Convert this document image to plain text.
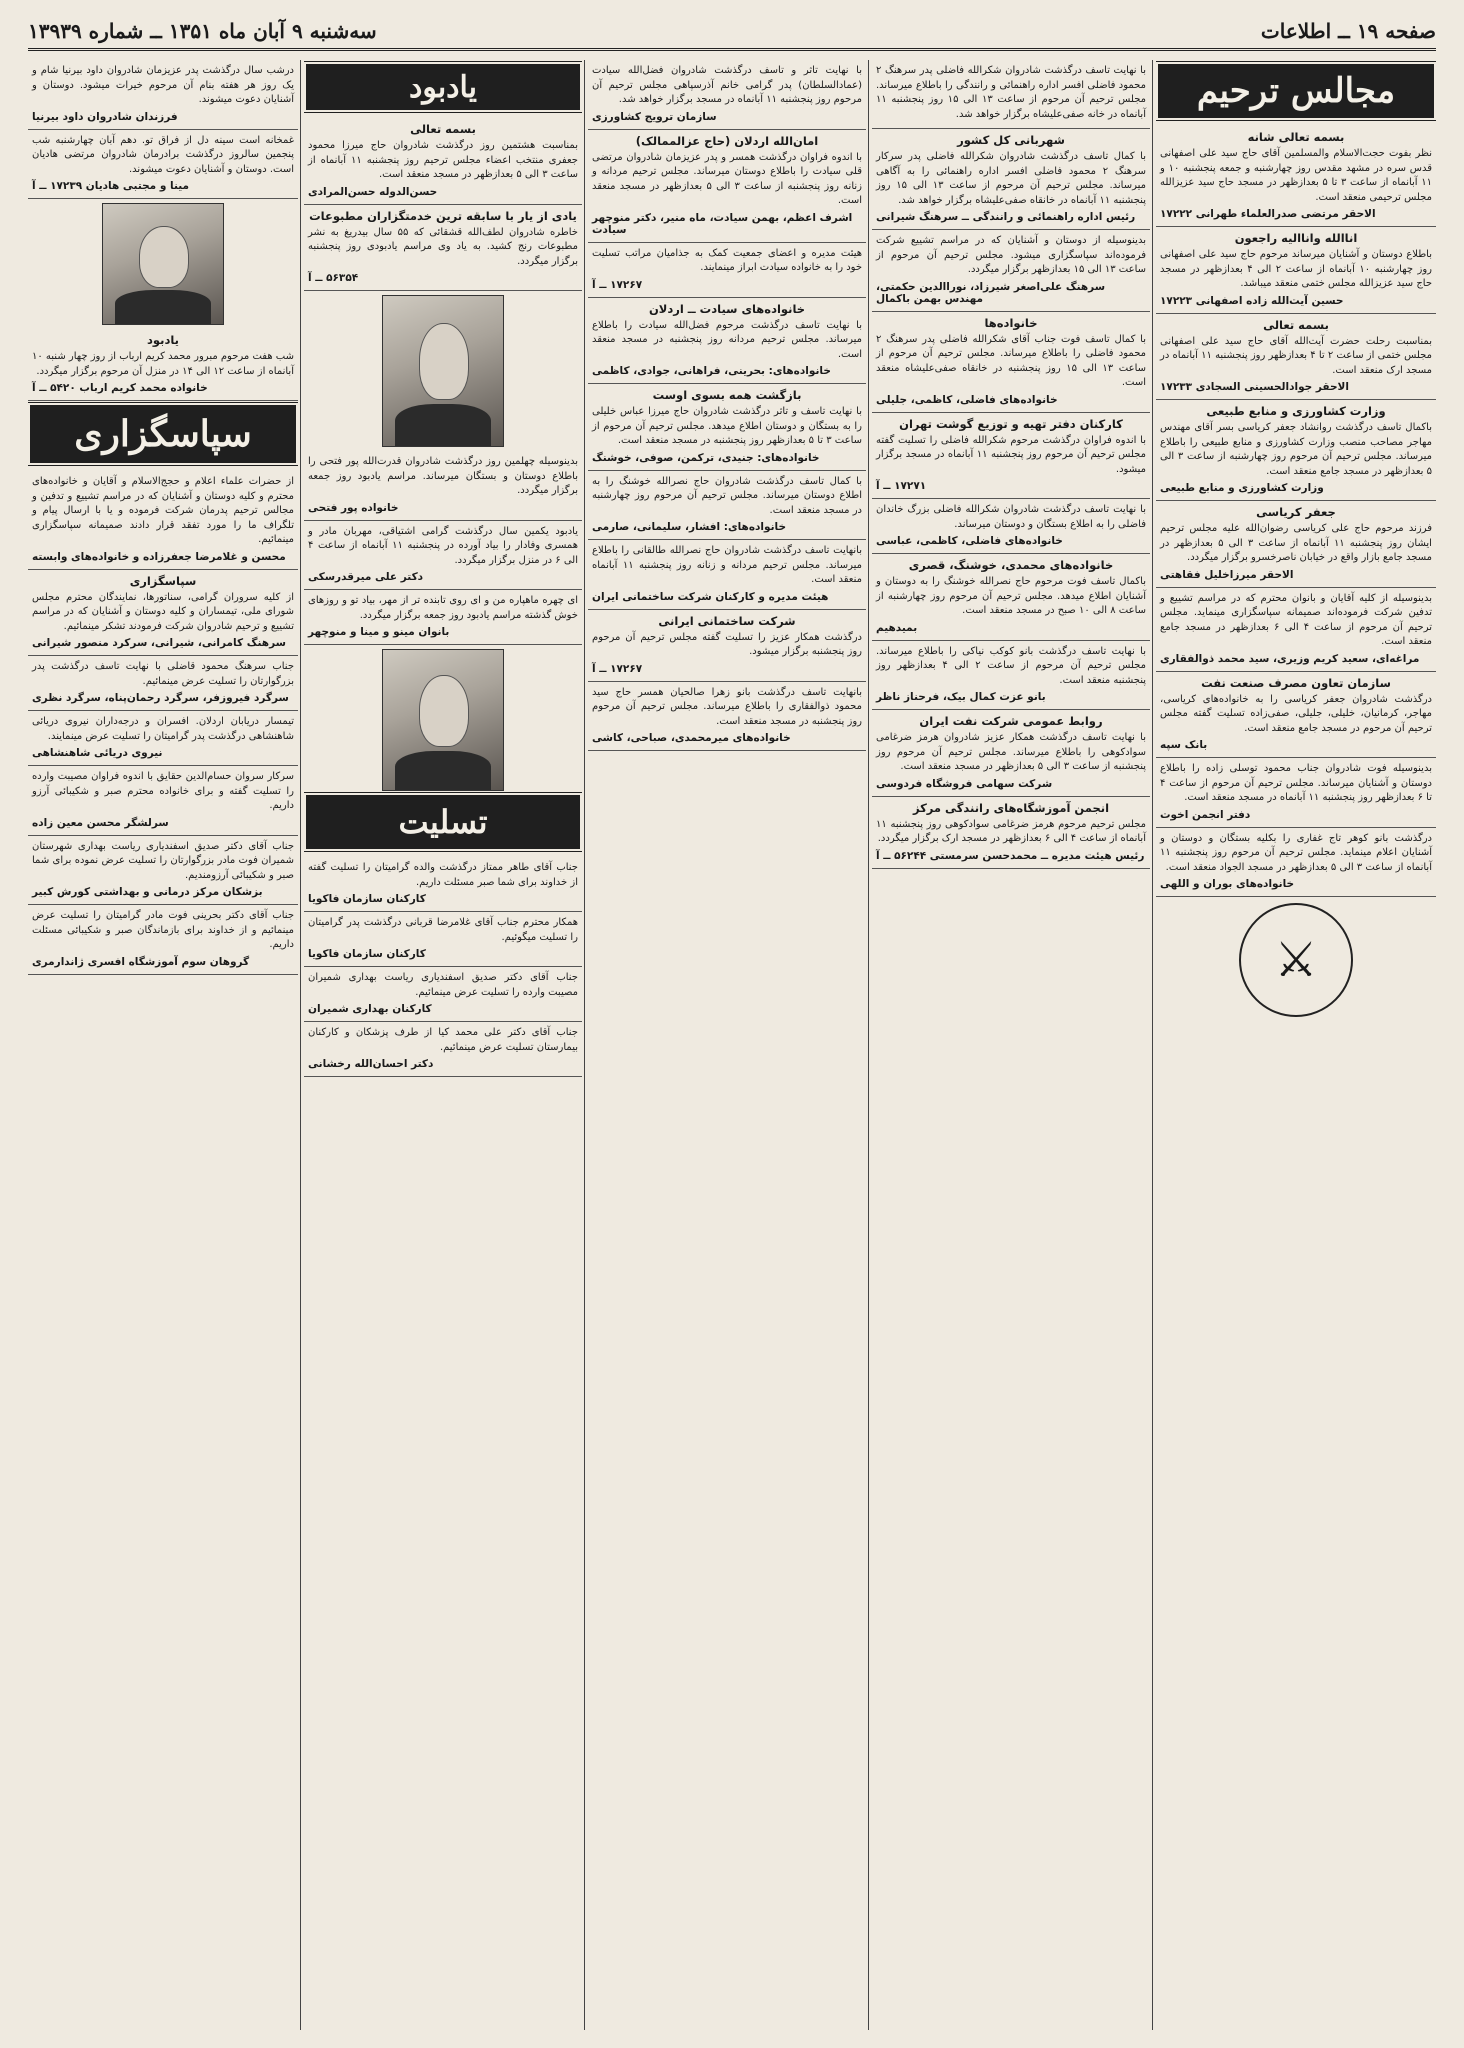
صفحه ۱۹ ــ اطلاعات
سه‌شنبه ۹ آبان ماه ۱۳۵۱ ــ شماره ۱۳۹۳۹
مجالس ترحیم
بسمه تعالی شانه

نظر بفوت حجت‌الاسلام والمسلمین آقای حاج سید علی اصفهانی قدس سره در مشهد مقدس روز چهارشنبه و جمعه پنجشنبه ۱۰ و ۱۱ آبانماه از ساعت ۳ تا ۵ بعدازظهر در مسجد حاج سید عزیزالله مجلس ترحیمی منعقد است.

الاحقر مرتضی صدرالعلماء طهرانی ۱۷۲۲۲
اناالله وانااليه راجعون

باطلاع دوستان و آشنایان میرساند مرحوم حاج سید علی اصفهانی روز چهارشنبه ۱۰ آبانماه از ساعت ۲ الی ۴ بعدازظهر در مسجد حاج سید عزیزالله مجلس ختمی منعقد میباشد.

حسین آیت‌الله زاده اصفهانی ۱۷۲۲۳
بسمه تعالی

بمناسبت رحلت حضرت آیت‌الله آقای حاج سید علی اصفهانی مجلس ختمی از ساعت ۲ تا ۴ بعدازظهر روز پنجشنبه ۱۱ آبانماه در مسجد ارک منعقد است.

الاحقر جوادالحسینی السجادی ۱۷۲۳۳
وزارت کشاورزی و منابع طبیعی

باکمال تاسف درگذشت روانشاد جعفر کریاسی بسر آقای مهندس مهاجر مصاحب منصب وزارت کشاورزی و منابع طبیعی را باطلاع میرساند. مجلس ترحیم آن مرحوم روز چهارشنبه از ساعت ۳ الی ۵ بعدازظهر در مسجد جامع منعقد است.

وزارت کشاورزی و منابع طبیعی
جعفر کریاسی

فرزند مرحوم حاج علی کریاسی رضوان‌الله علیه مجلس ترحیم ایشان روز پنجشنبه ۱۱ آبانماه از ساعت ۳ الی ۵ بعدازظهر در مسجد جامع بازار واقع در خیابان ناصرخسرو برگزار میگردد.

الاحقر میرزاخلیل فقاهتی

بدینوسیله از کلیه آقایان و بانوان محترم که در مراسم تشییع و تدفین شرکت فرموده‌اند صمیمانه سپاسگزاری مینماید. مجلس ترحیم آن مرحوم از ساعت ۴ الی ۶ بعدازظهر در مسجد جامع منعقد است.

مراغه‌ای، سعید کریم وزیری، سید محمد ذوالفقاری
سازمان تعاون مصرف صنعت نفت

درگذشت شادروان جعفر کریاسی را به خانواده‌های کریاسی، مهاجر، کرمانیان، خلیلی، جلیلی، صفی‌زاده تسلیت گفته مجلس ترحیم آن مرحوم در مسجد جامع منعقد است.

بانک سپه

بدینوسیله فوت شادروان جناب محمود توسلی زاده را باطلاع دوستان و آشنایان میرساند. مجلس ترحیم آن مرحوم از ساعت ۴ تا ۶ بعدازظهر روز پنجشنبه ۱۱ آبانماه در مسجد منعقد است.

دفتر انجمن اخوت

درگذشت بانو کوهر تاج غفاری را بکلیه بستگان و دوستان و آشنایان اعلام مینماید. مجلس ترحیم آن مرحوم روز پنجشنبه ۱۱ آبانماه از ساعت ۳ الی ۵ بعدازظهر در مسجد الجواد منعقد است.

خانواده‌های بوران و اللهی
⚔

با نهایت تاسف درگذشت شادروان شکرالله فاضلی پدر سرهنگ ۲ محمود فاضلی افسر اداره راهنمائی و رانندگی را باطلاع میرساند. مجلس ترحیم آن مرحوم از ساعت ۱۳ الی ۱۵ روز پنجشنبه ۱۱ آبانماه در خانه صفی‌علیشاه برگزار خواهد شد.

شهربانی کل کشور

با کمال تاسف درگذشت شادروان شکرالله فاضلی پدر سرکار سرهنگ ۲ محمود فاضلی افسر اداره راهنمائی را به آگاهی میرساند. مجلس ترحیم آن مرحوم از ساعت ۱۳ الی ۱۵ روز پنجشنبه ۱۱ آبانماه در خانقاه صفی‌علیشاه برگزار خواهد شد.

رئیس اداره راهنمائی و رانندگی ــ سرهنگ شیرانی

بدینوسیله از دوستان و آشنایان که در مراسم تشییع شرکت فرموده‌اند سپاسگزاری میشود. مجلس ترحیم آن مرحوم از ساعت ۱۳ الی ۱۵ بعدازظهر برگزار میگردد.

سرهنگ علی‌اصغر شیرزاد، نوراالدین حکمتی، مهندس بهمن باکمال
خانواده‌ها

با کمال تاسف فوت جناب آقای شکرالله فاضلی پدر سرهنگ ۲ محمود فاضلی را باطلاع میرساند. مجلس ترحیم آن مرحوم از ساعت ۱۳ الی ۱۵ روز پنجشنبه در خانقاه صفی‌علیشاه منعقد است.

خانواده‌های فاضلی، کاظمی، جلیلی
کارکنان دفتر تهیه و توزیع گوشت تهران

با اندوه فراوان درگذشت مرحوم شکرالله فاضلی را تسلیت گفته مجلس ترحیم آن مرحوم روز پنجشنبه ۱۱ آبانماه در مسجد برگزار میشود.

۱۷۲۷۱ ــ آ

با نهایت تاسف درگذشت شادروان شکرالله فاضلی بزرگ خاندان فاضلی را به اطلاع بستگان و دوستان میرساند.

خانواده‌های فاضلی، کاظمی، عباسی
خانواده‌های محمدی، خوشنگ، قصری

باکمال تاسف فوت مرحوم حاج نصرالله خوشنگ را به دوستان و آشنایان اطلاع میدهد. مجلس ترحیم آن مرحوم روز چهارشنبه از ساعت ۸ الی ۱۰ صبح در مسجد منعقد است.

بمیدهیم

با نهایت تاسف درگذشت بانو کوکب نیاکی را باطلاع میرساند. مجلس ترحیم آن مرحوم از ساعت ۲ الی ۴ بعدازظهر روز پنجشنبه منعقد است.

بانو عزت کمال بیک، فرحناز ناظر
روابط عمومی شرکت نفت ایران

با نهایت تاسف درگذشت همکار عزیز شادروان هرمز ضرغامی سوادکوهی را باطلاع میرساند. مجلس ترحیم آن مرحوم روز پنجشنبه از ساعت ۳ الی ۵ بعدازظهر در مسجد منعقد است.

شرکت سهامی فروشگاه فردوسی
انجمن آموزشگاه‌های رانندگی مرکز

مجلس ترحیم مرحوم هرمز ضرغامی سوادکوهی روز پنجشنبه ۱۱ آبانماه از ساعت ۴ الی ۶ بعدازظهر در مسجد ارک برگزار میگردد.

رئیس هیئت مدیره ــ محمدحسن سرمستی ۵۶۲۴۴ ــ آ

با نهایت تاثر و تاسف درگذشت شادروان فضل‌الله سیادت (عمادالسلطان) پدر گرامی خانم آذرسپاهی مجلس ترحیم آن مرحوم روز پنجشنبه ۱۱ آبانماه در مسجد برگزار خواهد شد.

سازمان ترویج کشاورزی
امان‌الله اردلان (حاج عزالممالک)

با اندوه فراوان درگذشت همسر و پدر عزیزمان شادروان مرتضی قلی سیادت را باطلاع دوستان میرساند. مجلس ترحیم مردانه و زنانه روز پنجشنبه از ساعت ۳ الی ۵ بعدازظهر در مسجد منعقد است.

اشرف اعظم، بهمن سیادت، ماه منیر، دکتر منوچهر سیادت

هیئت مدیره و اعضای جمعیت کمک به جذامیان مراتب تسلیت خود را به خانواده سیادت ابراز مینمایند.

۱۷۲۶۷ ــ آ
خانواده‌های سیادت ــ اردلان

با نهایت تاسف درگذشت مرحوم فضل‌الله سیادت را باطلاع میرساند. مجلس ترحیم مردانه روز پنجشنبه در مسجد منعقد است.

خانواده‌های: بحرینی، فراهانی، جوادی، کاظمی
بازگشت همه بسوی اوست

با نهایت تاسف و تاثر درگذشت شادروان حاج میرزا عباس خلیلی را به بستگان و دوستان اطلاع میدهد. مجلس ترحیم آن مرحوم از ساعت ۳ تا ۵ بعدازظهر روز پنجشنبه در مسجد منعقد است.

خانواده‌های: جنیدی، ترکمن، صوفی، خوشنگ

با کمال تاسف درگذشت شادروان حاج نصرالله خوشنگ را به اطلاع دوستان میرساند. مجلس ترحیم آن مرحوم روز چهارشنبه در مسجد منعقد است.

خانواده‌های: افشار، سلیمانی، صارمی

بانهایت تاسف درگذشت شادروان حاج نصرالله طالقانی را باطلاع میرساند. مجلس ترحیم مردانه و زنانه روز پنجشنبه ۱۱ آبانماه منعقد است.

هیئت مدیره و کارکنان شرکت ساختمانی ایران
شرکت ساختمانی ایرانی

درگذشت همکار عزیز را تسلیت گفته مجلس ترحیم آن مرحوم روز پنجشنبه برگزار میشود.

۱۷۲۶۷ ــ آ

بانهایت تاسف درگذشت بانو زهرا صالحیان همسر حاج سید محمود ذوالفقاری را باطلاع میرساند. مجلس ترحیم آن مرحوم روز پنجشنبه در مسجد منعقد است.

خانواده‌های میرمحمدی، صباحی، کاشی
یادبود
بسمه تعالی

بمناسبت هشتمین روز درگذشت شادروان حاج میرزا محمود جعفری منتخب اعضاء مجلس ترحیم روز پنجشنبه ۱۱ آبانماه از ساعت ۳ الی ۵ بعدازظهر در مسجد منعقد است.

حسن‌الدوله حسن‌المرادی
یادی از یار با سابقه ترین خدمتگزاران مطبوعات

خاطره شادروان لطف‌الله قشقائی که ۵۵ سال بیدریغ به نشر مطبوعات رنج کشید. به یاد وی مراسم یادبودی روز پنجشنبه برگزار میگردد.

۵۶۳۵۴ ــ آ

بدینوسیله چهلمین روز درگذشت شادروان قدرت‌الله پور فتحی را باطلاع دوستان و بستگان میرساند. مراسم یادبود روز جمعه برگزار میگردد.

خانواده پور فتحی

یادبود یکمین سال درگذشت گرامی اشتیاقی، مهربان مادر و همسری وفادار را بیاد آورده در پنجشنبه ۱۱ آبانماه از ساعت ۴ الی ۶ در منزل برگزار میگردد.

دکتر علی میرقدرسکی

ای چهره ماهپاره من و ای روی تابنده تر از مهر، بیاد تو و روزهای خوش گذشته مراسم یادبود روز جمعه برگزار میگردد.

بانوان مینو و مینا و منوچهر
تسلیت

جناب آقای طاهر ممتاز درگذشت والده گرامیتان را تسلیت گفته از خداوند برای شما صبر مسئلت داریم.

کارکنان سازمان فاکویا

همکار محترم جناب آقای غلامرضا قربانی درگذشت پدر گرامیتان را تسلیت میگوئیم.

کارکنان سازمان فاکویا

جناب آقای دکتر صدیق اسفندیاری ریاست بهداری شمیران مصیبت وارده را تسلیت عرض مینمائیم.

کارکنان بهداری شمیران

جناب آقای دکتر علی محمد کیا از طرف پزشکان و کارکنان بیمارستان تسلیت عرض مینمائیم.

دکتر احسان‌الله رخشانی

درشب سال درگذشت پدر عزیزمان شادروان داود بیرنیا شام و یک روز هر هفته بنام آن مرحوم خیرات میشود. دوستان و آشنایان دعوت میشوند.

فرزندان شادروان داود بیرنیا

غمخانه است سینه دل از فراق تو. دهم آبان چهارشنبه شب پنجمین سالروز درگذشت برادرمان شادروان مرتضی هادیان است. دوستان و آشنایان دعوت میشوند.

مینا و مجتبی هادیان ۱۷۲۳۹ ــ آ
یادبود

شب هفت مرحوم مبرور محمد کریم ارباب از روز چهار شنبه ۱۰ آبانماه از ساعت ۱۲ الی ۱۴ در منزل آن مرحوم برگزار میگردد.

خانواده محمد کریم ارباب ۵۴۲۰ ــ آ
سپاسگزاری

از حضرات علماء اعلام و حجج‌الاسلام و آقایان و خانواده‌های محترم و کلیه دوستان و آشنایان که در مراسم تشییع و تدفین و مجالس ترحیم پدرمان شرکت فرموده و یا با ارسال پیام و تلگراف ما را مورد تفقد قرار دادند صمیمانه سپاسگزاری مینمائیم.

محسن و غلامرضا جعفرزاده و خانواده‌های وابسته
سپاسگزاری

از کلیه سروران گرامی، سناتورها، نمایندگان محترم مجلس شورای ملی، تیمساران و کلیه دوستان و آشنایان که در مراسم تشییع و ترحیم شادروان شرکت فرمودند تشکر مینمائیم.

سرهنگ کامرانی، شیرانی، سرکرد منصور شیرانی

جناب سرهنگ محمود قاضلی با نهایت تاسف درگذشت پدر بزرگوارتان را تسلیت عرض مینمائیم.

سرگرد فیروزفر، سرگرد رحمان‌پناه، سرگرد نظری

تیمسار دریابان اردلان. افسران و درجه‌داران نیروی دریائی شاهنشاهی درگذشت پدر گرامیتان را تسلیت عرض مینمایند.

نیروی دریائی شاهنشاهی

سرکار سروان حسام‌الدین حقایق با اندوه فراوان مصیبت وارده را تسلیت گفته و برای خانواده محترم صبر و شکیبائی آرزو داریم.

سرلشگر محسن معین زاده

جناب آقای دکتر صدیق اسفندیاری ریاست بهداری شهرستان شمیران فوت مادر بزرگوارتان را تسلیت عرض نموده برای شما صبر و شکیبائی آرزومندیم.

بزشکان مرکز درمانی و بهداشتی کورش کبیر

جناب آقای دکتر بحرینی فوت مادر گرامیتان را تسلیت عرض مینمائیم و از خداوند برای بازماندگان صبر و شکیبائی مسئلت داریم.

گروهان سوم آموزشگاه افسری ژاندارمری
